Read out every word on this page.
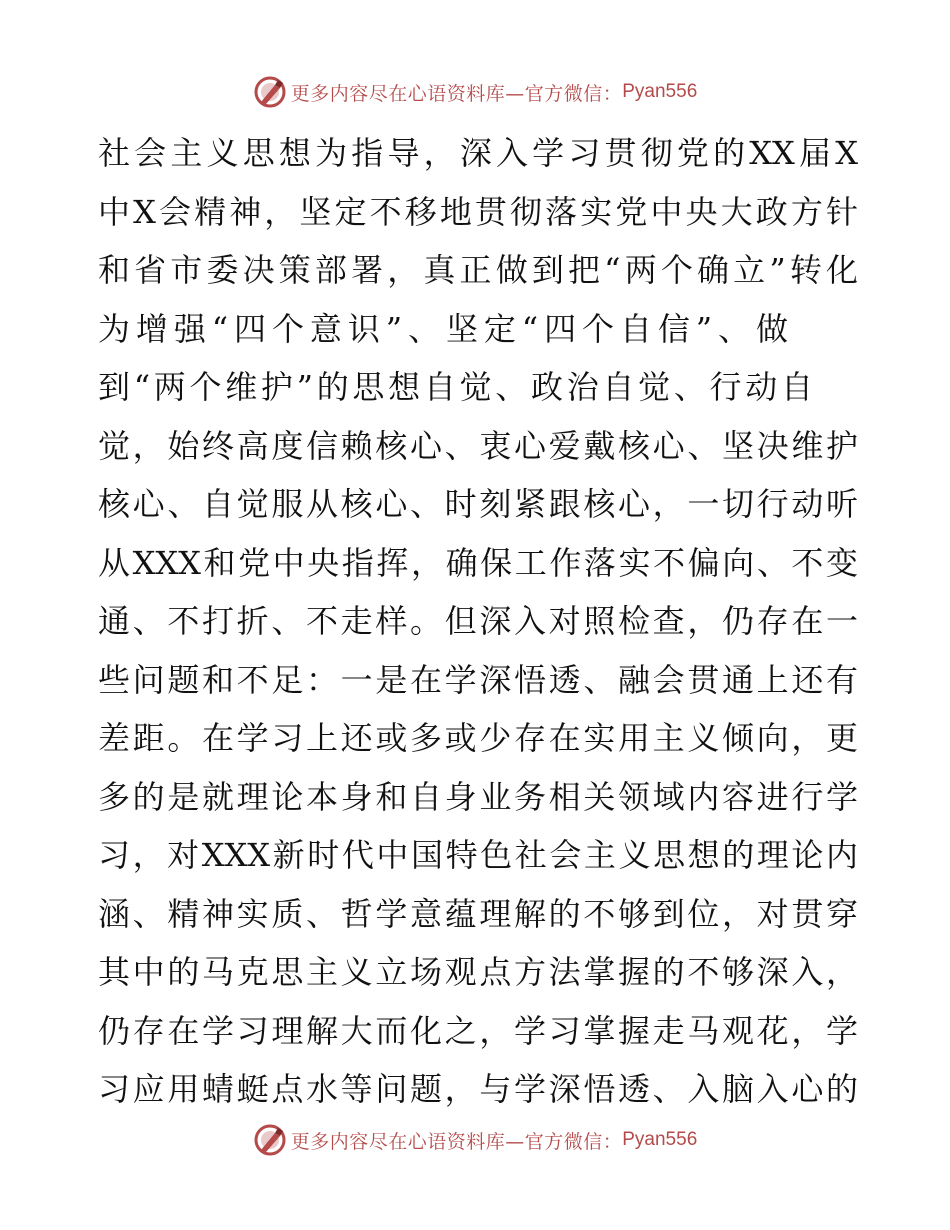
更多内容尽在心语资料库—官方微信： Pyan556
社会主义思想为指导，深入学习贯彻党的XX届X
中X会精神，坚定不移地贯彻落实党中央大政方针
和省市委决策部署，真正做到把“两个确立”转化
为增强“四个意识”、坚定“四个自信”、做
到“两个维护”的思想自觉、政治自觉、行动自
觉，始终高度信赖核心、衷心爱戴核心、坚决维护
核心、自觉服从核心、时刻紧跟核心，一切行动听
从XXX和党中央指挥，确保工作落实不偏向、不变
通、不打折、不走样。但深入对照检查，仍存在一
些问题和不足：一是在学深悟透、融会贯通上还有
差距。在学习上还或多或少存在实用主义倾向，更
多的是就理论本身和自身业务相关领域内容进行学
习，对XXX新时代中国特色社会主义思想的理论内
涵、精神实质、哲学意蕴理解的不够到位，对贯穿
其中的马克思主义立场观点方法掌握的不够深入，
仍存在学习理解大而化之，学习掌握走马观花，学
习应用蜻蜓点水等问题，与学深悟透、入脑入心的
更多内容尽在心语资料库—官方微信： Pyan556
